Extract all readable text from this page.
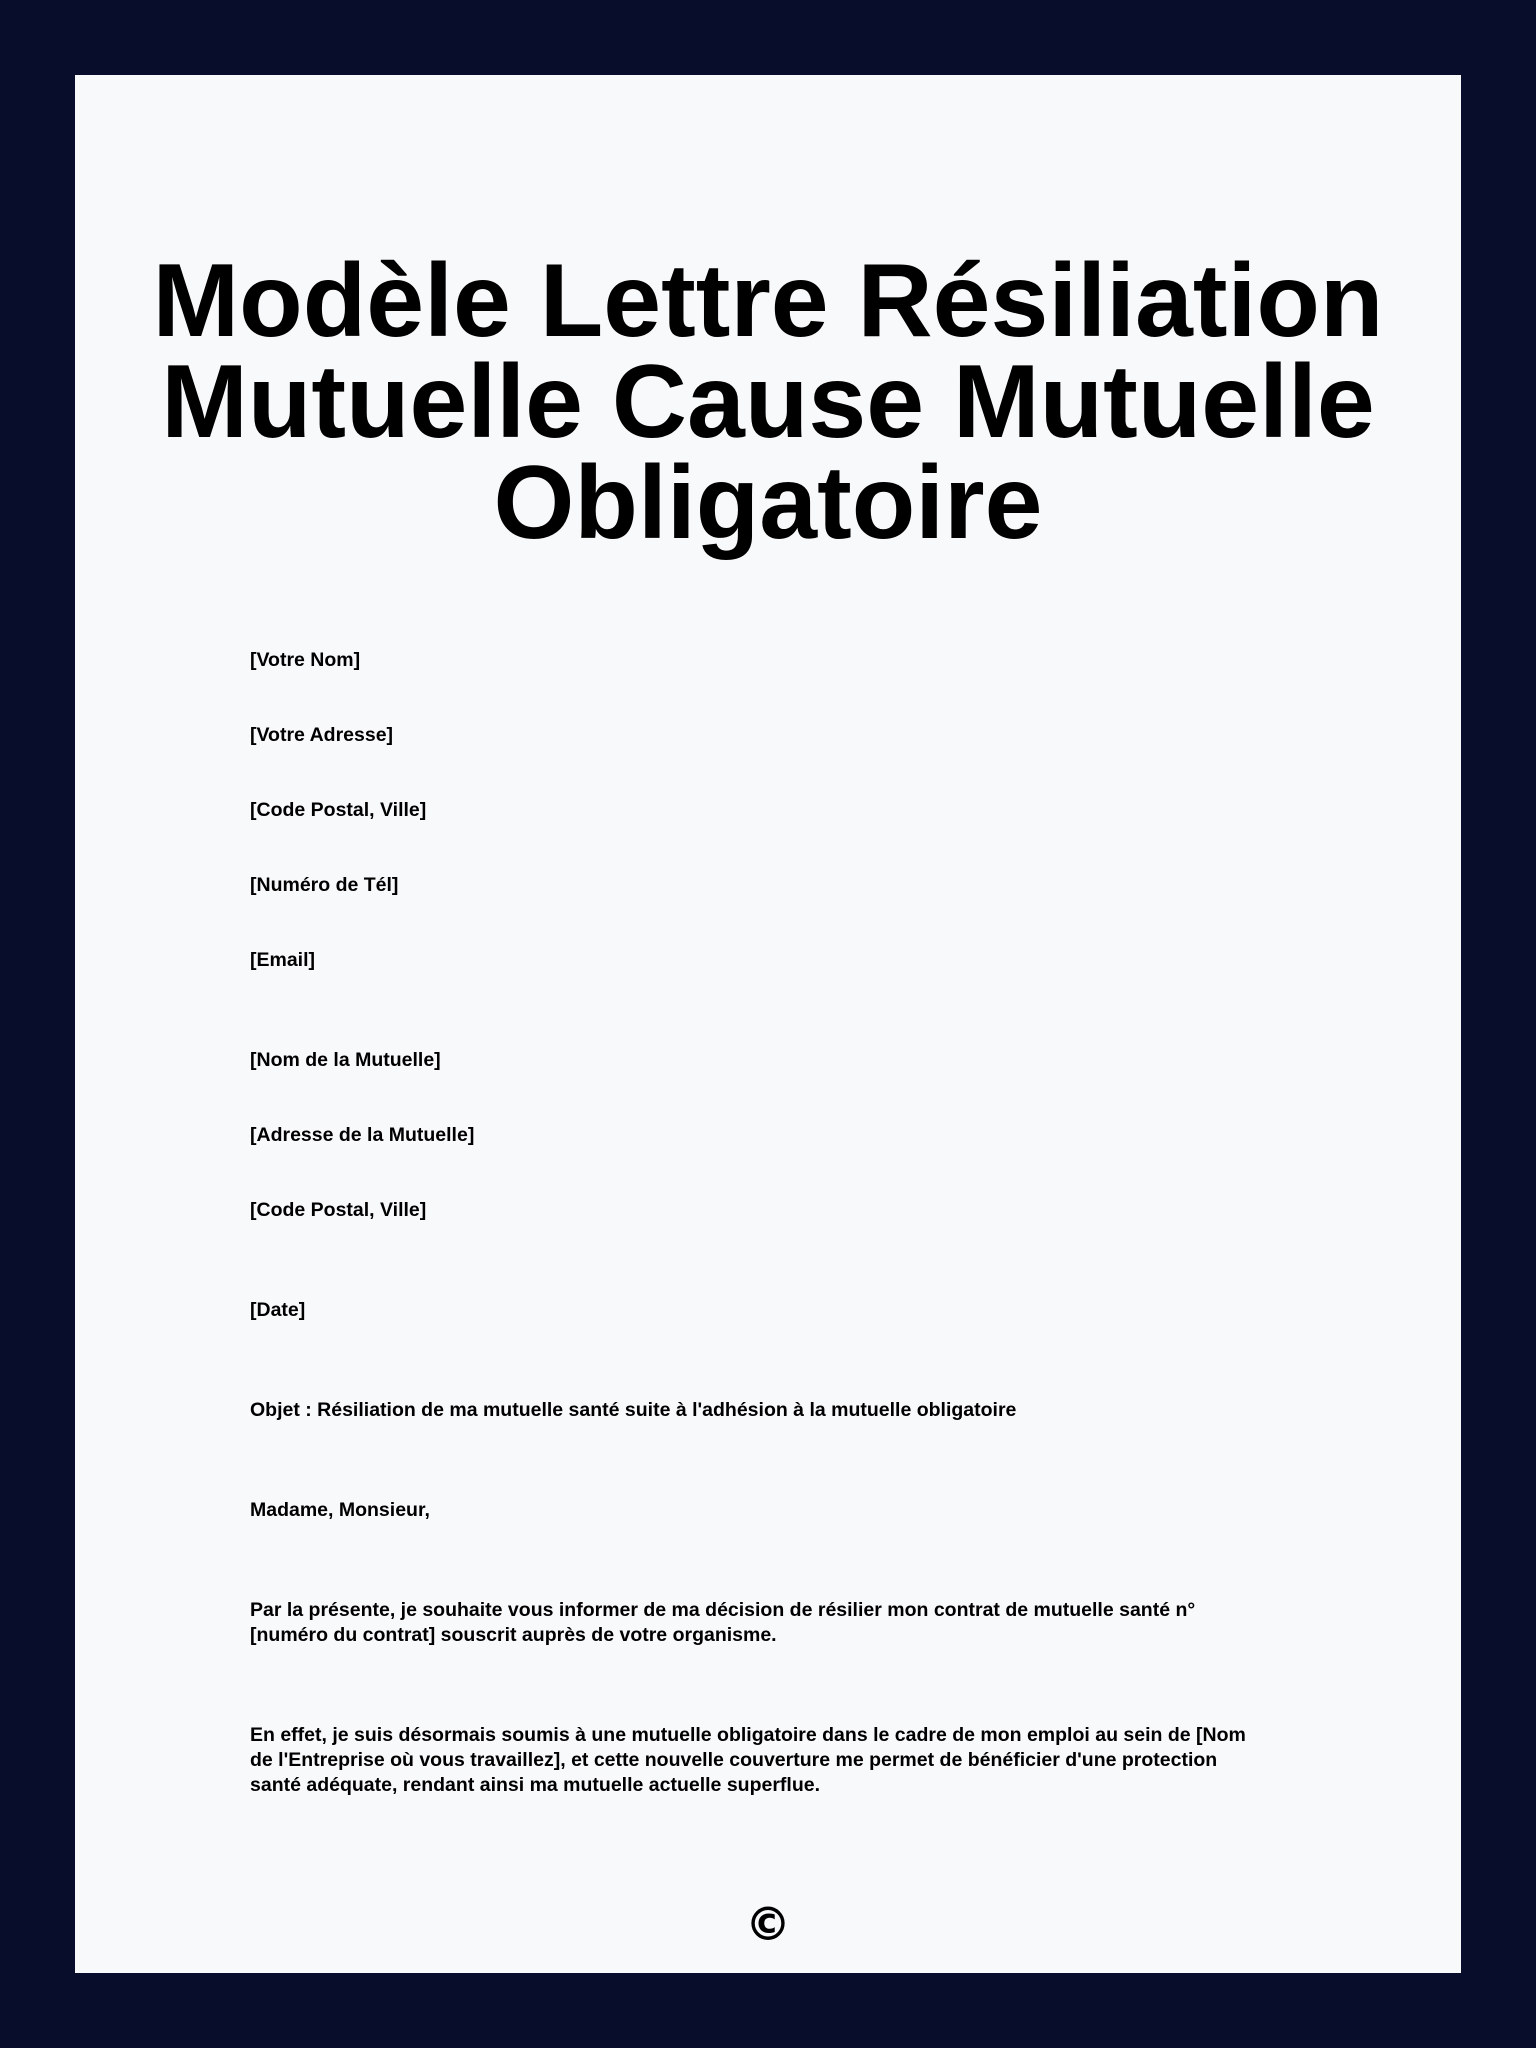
Modèle Lettre Résiliation
Mutuelle Cause Mutuelle
Obligatoire

[Votre Nom]

[Votre Adresse]

[Code Postal, Ville]

[Numéro de Tél]

[Email]

[Nom de la Mutuelle]

[Adresse de la Mutuelle]

[Code Postal, Ville]

[Date]

Objet : Résiliation de ma mutuelle santé suite à l'adhésion à la mutuelle obligatoire

Madame, Monsieur,

Par la présente, je souhaite vous informer de ma décision de résilier mon contrat de mutuelle santé n°
[numéro du contrat] souscrit auprès de votre organisme.

En effet, je suis désormais soumis à une mutuelle obligatoire dans le cadre de mon emploi au sein de [Nom
de l'Entreprise où vous travaillez], et cette nouvelle couverture me permet de bénéficier d'une protection
santé adéquate, rendant ainsi ma mutuelle actuelle superflue.

©
